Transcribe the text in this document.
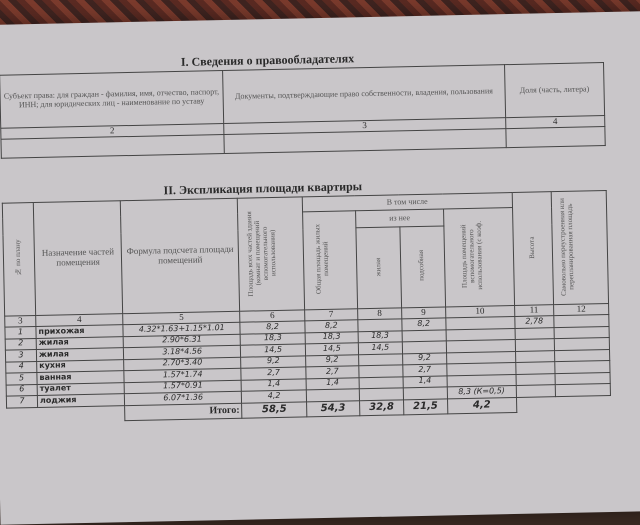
I. Сведения о правообладателях
Субъект права: для граждан - фамилия, имя, отчество, паспорт, ИНН; для юридических лиц - наименование по уставу	Документы, подтверждающие право собственности, владения, пользования	Доля (часть, литера)
2	3	4

II. Экспликация площади квартиры
№ по плану	Назначение частей помещения	Формула подсчета площади помещений	Площадь всех частей здания (комнат и помещений вспомогательного использования)	В том числе				Высота	Самовольно переустроенная или перепланированная площадь
				Общая площадь жилых помещений	из нее		Площадь помещений вспомогательного использования (с коэф.		
					жилая	подсобная			
3	4	5	6	7	8	9	10	11	12
1	прихожая	4.32*1.63+1.15*1.01	8,2	8,2		8,2		2,78	
2	жилая	2.90*6.31	18,3	18,3	18,3				
3	жилая	3.18*4.56	14,5	14,5	14,5				
4	кухня	2.70*3.40	9,2	9,2		9,2			
5	ванная	1.57*1.74	2,7	2,7		2,7			
6	туалет	1.57*0.91	1,4	1,4		1,4			
7	лоджия	6.07*1.36	4,2				8,3 (К=0,5)		
		Итого:	58,5	54,3	32,8	21,5	4,2		
